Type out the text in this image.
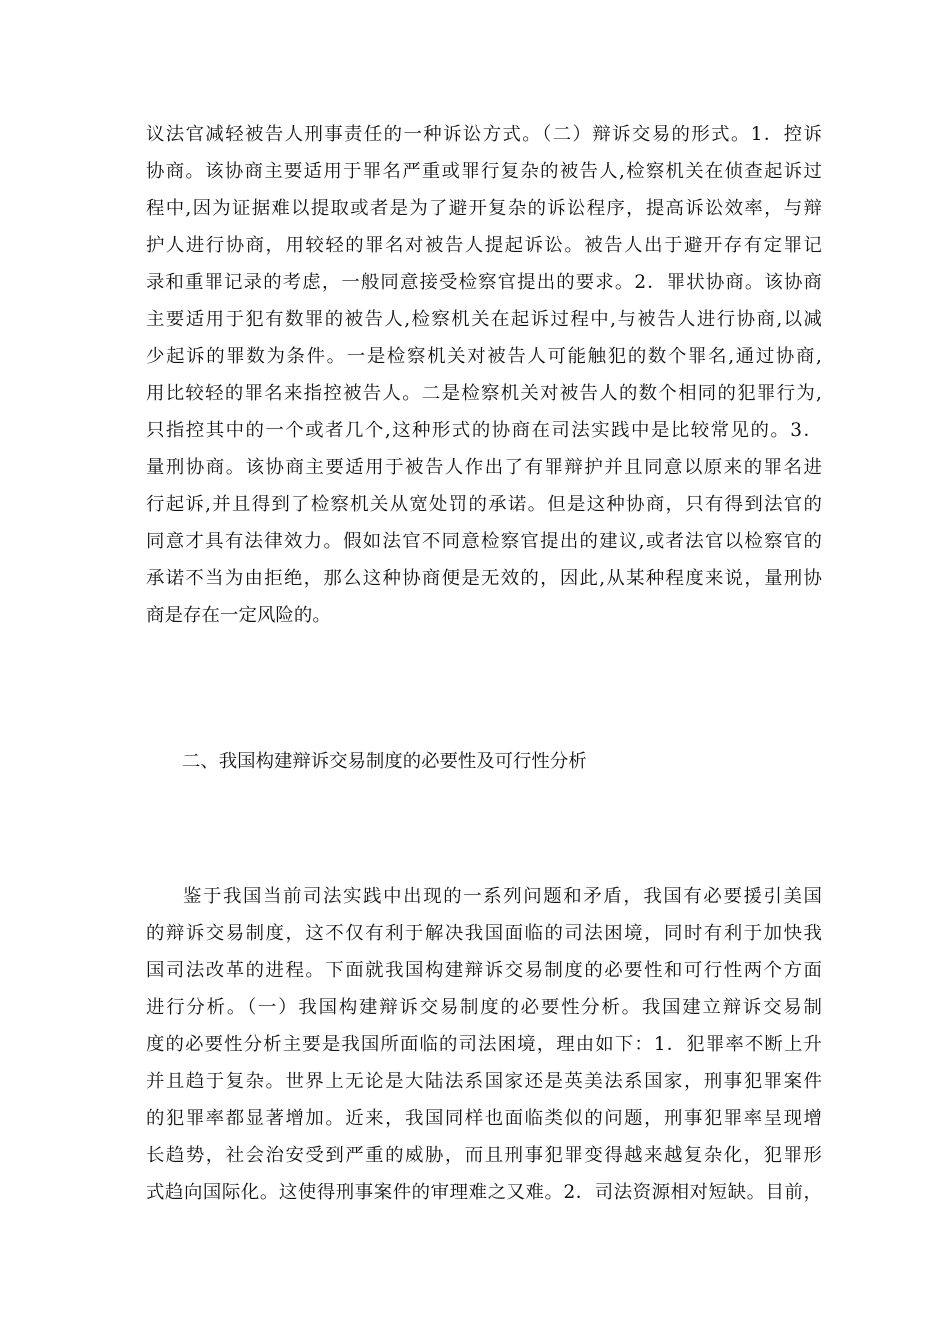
议法官减轻被告人刑事责任的一种诉讼方式。（二）辩诉交易的形式。1．控诉
协商。该协商主要适用于罪名严重或罪行复杂的被告人,检察机关在侦查起诉过
程中,因为证据难以提取或者是为了避开复杂的诉讼程序，提高诉讼效率，与辩
护人进行协商，用较轻的罪名对被告人提起诉讼。被告人出于避开存有定罪记
录和重罪记录的考虑，一般同意接受检察官提出的要求。2．罪状协商。该协商
主要适用于犯有数罪的被告人,检察机关在起诉过程中,与被告人进行协商,以减
少起诉的罪数为条件。一是检察机关对被告人可能触犯的数个罪名,通过协商,
用比较轻的罪名来指控被告人。二是检察机关对被告人的数个相同的犯罪行为,
只指控其中的一个或者几个,这种形式的协商在司法实践中是比较常见的。3．
量刑协商。该协商主要适用于被告人作出了有罪辩护并且同意以原来的罪名进
行起诉,并且得到了检察机关从宽处罚的承诺。但是这种协商，只有得到法官的
同意才具有法律效力。假如法官不同意检察官提出的建议,或者法官以检察官的
承诺不当为由拒绝，那么这种协商便是无效的，因此,从某种程度来说，量刑协
商是存在一定风险的。
二、我国构建辩诉交易制度的必要性及可行性分析
鉴于我国当前司法实践中出现的一系列问题和矛盾，我国有必要援引美国
的辩诉交易制度，这不仅有利于解决我国面临的司法困境，同时有利于加快我
国司法改革的进程。下面就我国构建辩诉交易制度的必要性和可行性两个方面
进行分析。（一）我国构建辩诉交易制度的必要性分析。我国建立辩诉交易制
度的必要性分析主要是我国所面临的司法困境，理由如下：1．犯罪率不断上升
并且趋于复杂。世界上无论是大陆法系国家还是英美法系国家，刑事犯罪案件
的犯罪率都显著增加。近来，我国同样也面临类似的问题，刑事犯罪率呈现增
长趋势，社会治安受到严重的威胁，而且刑事犯罪变得越来越复杂化，犯罪形
式趋向国际化。这使得刑事案件的审理难之又难。2．司法资源相对短缺。目前，
